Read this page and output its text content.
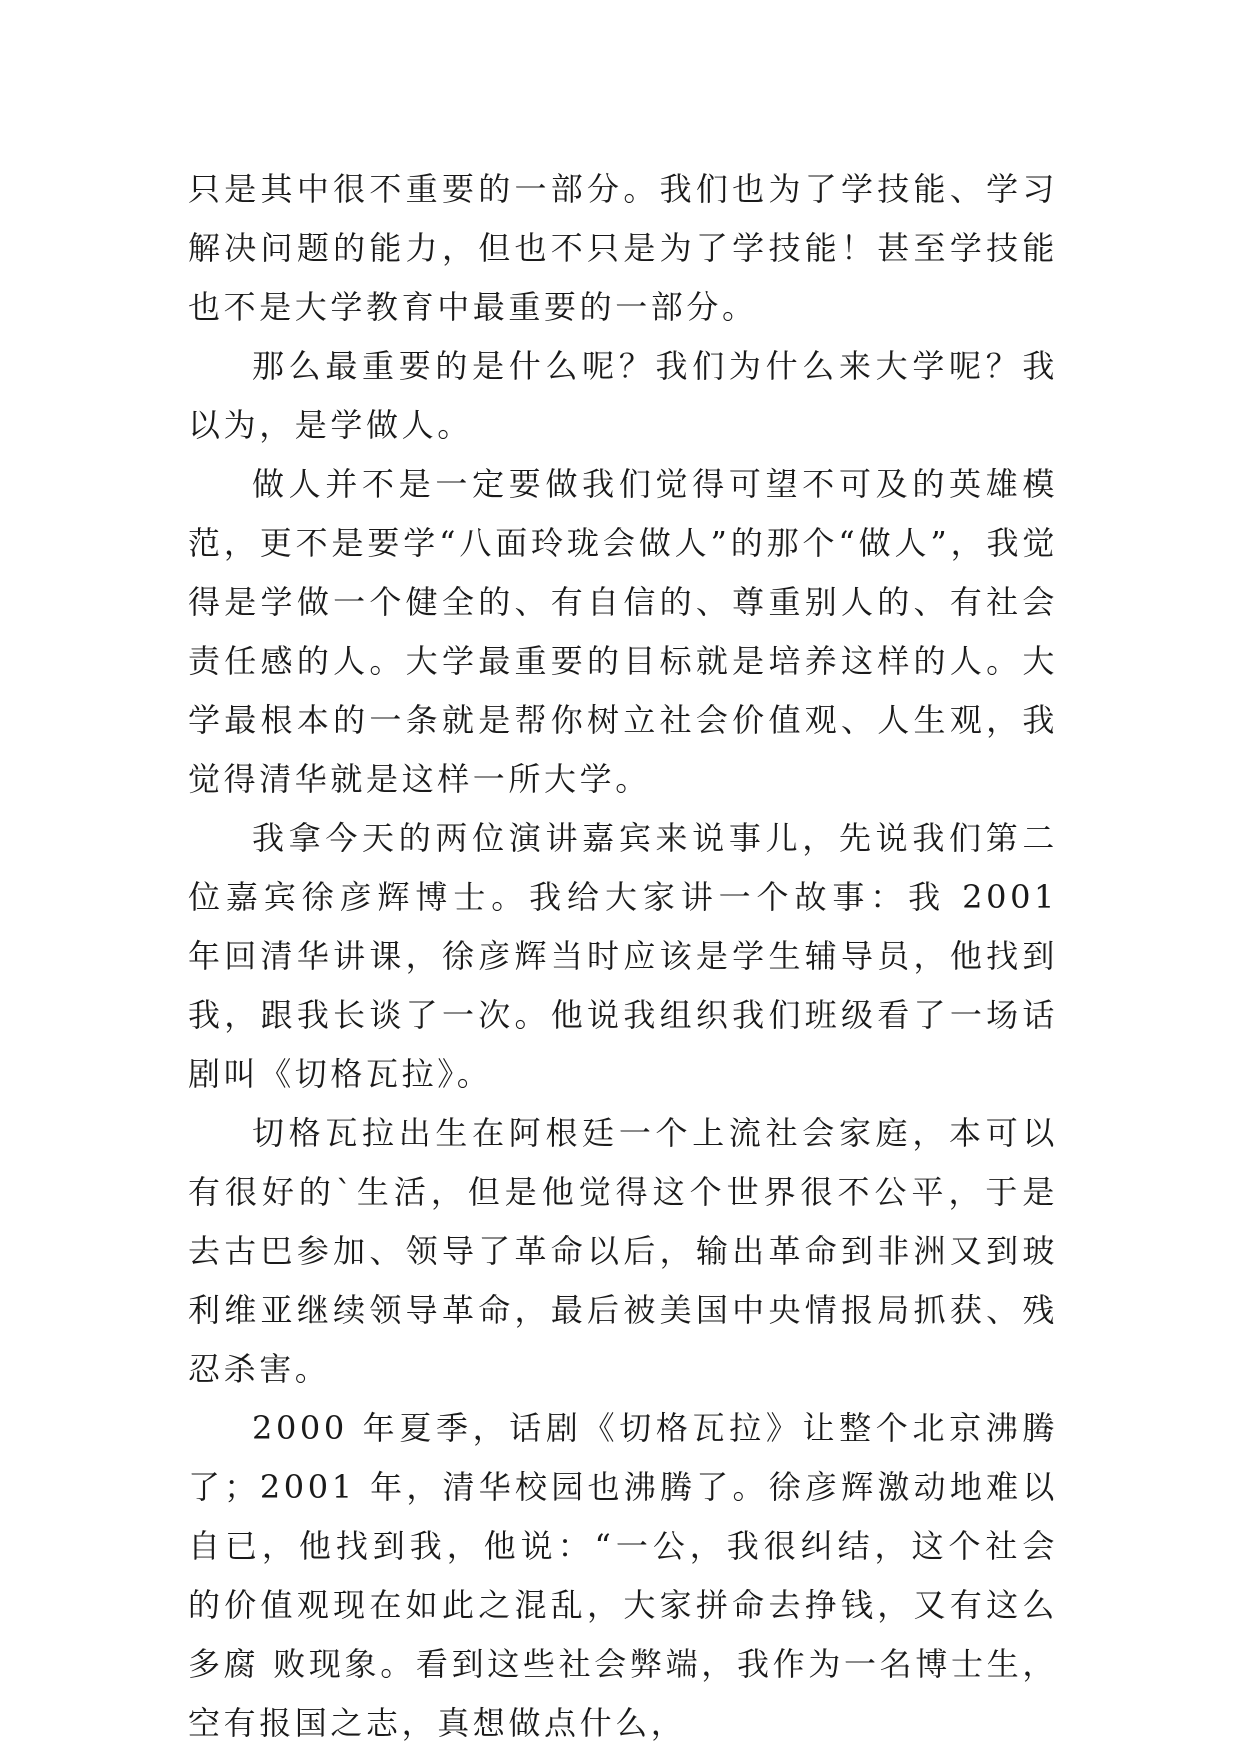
只是其中很不重要的一部分。我们也为了学技能、学习解决问题的能力，但也不只是为了学技能！甚至学技能也不是大学教育中最重要的一部分。

那么最重要的是什么呢？我们为什么来大学呢？我以为，是学做人。

做人并不是一定要做我们觉得可望不可及的英雄模范，更不是要学“八面玲珑会做人”的那个“做人”，我觉得是学做一个健全的、有自信的、尊重别人的、有社会责任感的人。大学最重要的目标就是培养这样的人。大学最根本的一条就是帮你树立社会价值观、人生观，我觉得清华就是这样一所大学。

我拿今天的两位演讲嘉宾来说事儿，先说我们第二位嘉宾徐彦辉博士。我给大家讲一个故事：我 2001 年回清华讲课，徐彦辉当时应该是学生辅导员，他找到我，跟我长谈了一次。他说我组织我们班级看了一场话剧叫《切格瓦拉》。

切格瓦拉出生在阿根廷一个上流社会家庭，本可以有很好的`生活，但是他觉得这个世界很不公平，于是去古巴参加、领导了革命以后，输出革命到非洲又到玻利维亚继续领导革命，最后被美国中央情报局抓获、残忍杀害。

2000 年夏季，话剧《切格瓦拉》让整个北京沸腾了；2001 年，清华校园也沸腾了。徐彦辉激动地难以自已，他找到我，他说：“一公，我很纠结，这个社会的价值观现在如此之混乱，大家拼命去挣钱，又有这么多腐 败现象。看到这些社会弊端，我作为一名博士生，空有报国之志，真想做点什么，
